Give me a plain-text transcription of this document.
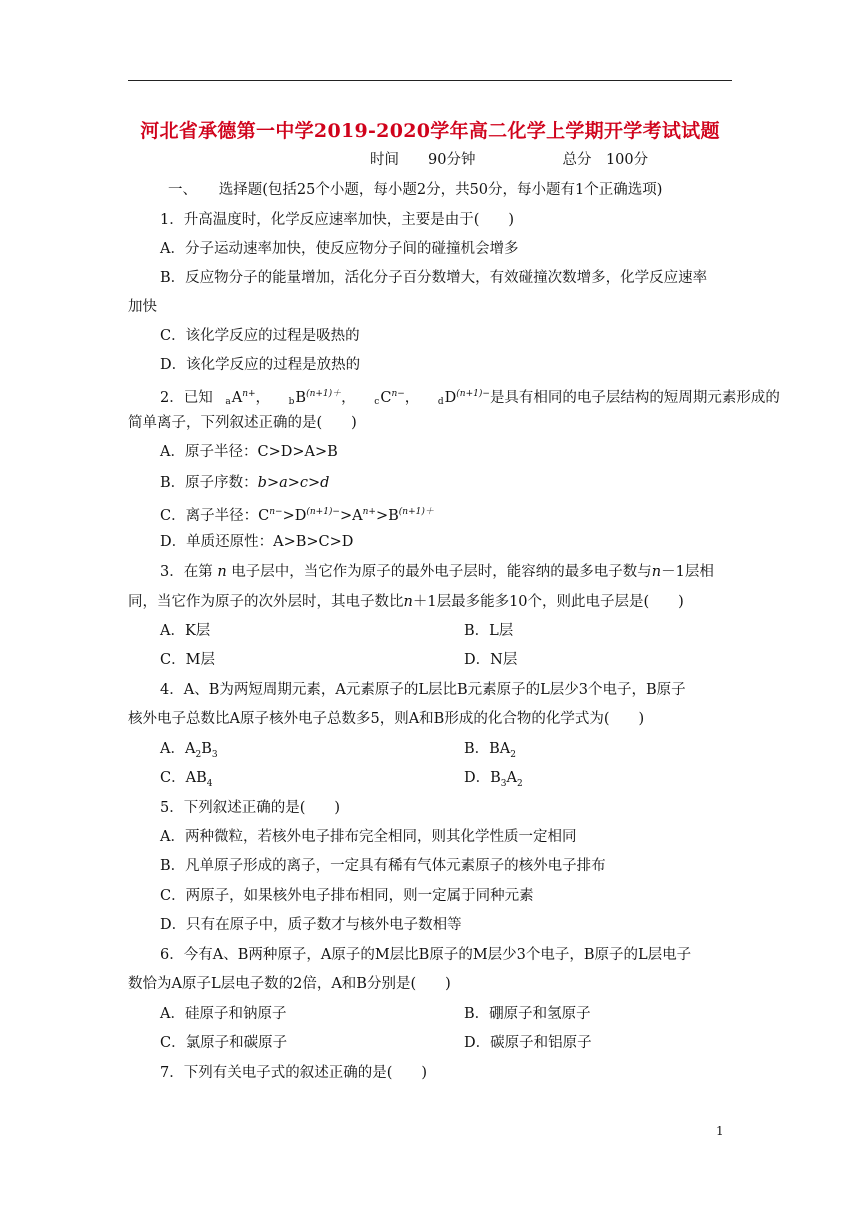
河北省承德第一中学2019-2020学年高二化学上学期开学考试试题
时间　　90分钟　　　　　　总分　100分
一、　　选择题(包括25个小题，每小题2分，共50分，每小题有1个正确选项)
1．升高温度时，化学反应速率加快，主要是由于(　　)
A．分子运动速率加快，使反应物分子间的碰撞机会增多
B．反应物分子的能量增加，活化分子百分数增大，有效碰撞次数增多，化学反应速率
加快
C．该化学反应的过程是吸热的
D．该化学反应的过程是放热的
2．已知 $aA^{n+}$， $bB^{(n+1)+}$， $cC^{n-}$， $dD^{(n+1)-}$是具有相同的电子层结构的短周期元素形成的
简单离子，下列叙述正确的是(　　)
A．原子半径：C>D>A>B
B．原子序数：b>a>c>d
C．离子半径：$C^{n-}>D^{(n+1)-}>A^{n+}>B^{(n+1)+}$
D．单质还原性：A>B>C>D
3．在第 n 电子层中，当它作为原子的最外电子层时，能容纳的最多电子数与n－1层相
同，当它作为原子的次外层时，其电子数比n＋1层最多能多10个，则此电子层是(　　)
A．K层	B．L层
C．M层	D．N层
4．A、B为两短周期元素，A元素原子的L层比B元素原子的L层少3个电子，B原子
核外电子总数比A原子核外电子总数多5，则A和B形成的化合物的化学式为(　　)
A．$A_2B_3$	B．$BA_2$
C．$AB_4$	D．$B_3A_2$
5．下列叙述正确的是(　　)
A．两种微粒，若核外电子排布完全相同，则其化学性质一定相同
B．凡单原子形成的离子，一定具有稀有气体元素原子的核外电子排布
C．两原子，如果核外电子排布相同，则一定属于同种元素
D．只有在原子中，质子数才与核外电子数相等
6．今有A、B两种原子，A原子的M层比B原子的M层少3个电子，B原子的L层电子
数恰为A原子L层电子数的2倍，A和B分别是(　　)
A．硅原子和钠原子	B．硼原子和氢原子
C．氯原子和碳原子	D．碳原子和铝原子
7．下列有关电子式的叙述正确的是(　　)
1
